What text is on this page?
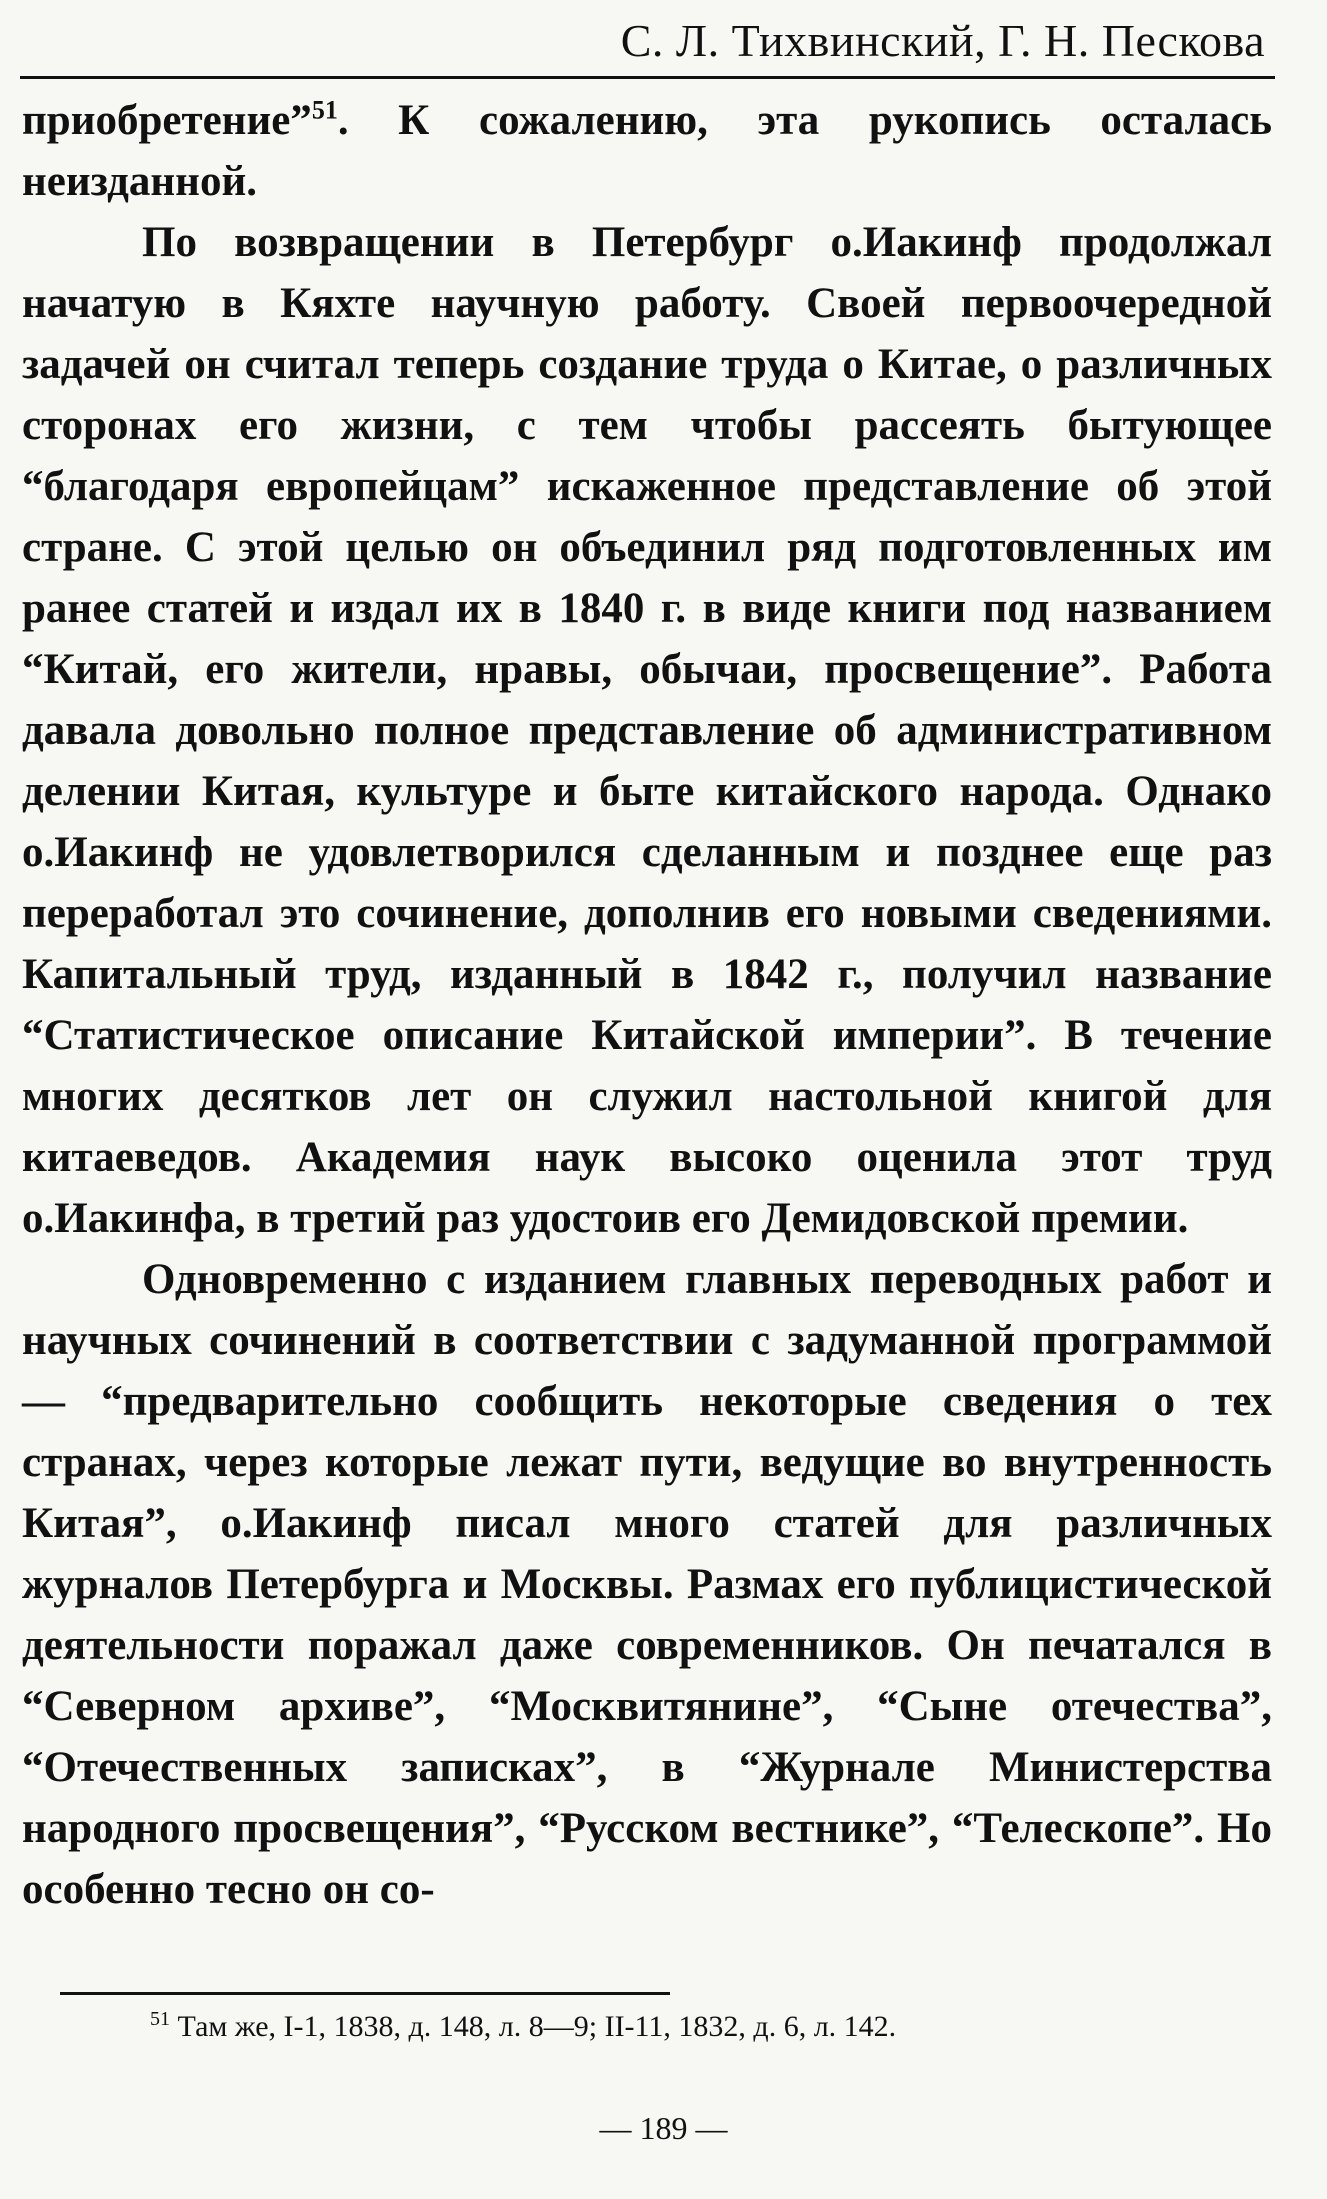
С. Л. Тихвинский, Г. Н. Пескова

приобретение”$^{51}$. К сожалению, эта рукопись осталась неизданной.

По возвращении в Петербург о.Иакинф продолжал начатую в Кяхте научную работу. Своей первоочередной задачей он считал теперь создание труда о Китае, о различных сторонах его жизни, с тем чтобы рассеять бытующее “благодаря европейцам” искаженное представление об этой стране. С этой целью он объединил ряд подготовленных им ранее статей и издал их в 1840 г. в виде книги под названием “Китай, его жители, нравы, обычаи, просвещение”. Работа давала довольно полное представление об административном делении Китая, культуре и быте китайского народа. Однако о.Иакинф не удовлетворился сделанным и позднее еще раз переработал это сочинение, дополнив его новыми сведениями. Капитальный труд, изданный в 1842 г., получил название “Статистическое описание Китайской империи”. В течение многих десятков лет он служил настольной книгой для китаеведов. Академия наук высоко оценила этот труд о.Иакинфа, в третий раз удостоив его Демидовской премии.

Одновременно с изданием главных переводных работ и научных сочинений в соответствии с задуманной программой — “предварительно сообщить некоторые сведения о тех странах, через которые лежат пути, ведущие во внутренность Китая”, о.Иакинф писал много статей для различных журналов Петербурга и Москвы. Размах его публицистической деятельности поражал даже современников. Он печатался в “Северном архиве”, “Москвитянине”, “Сыне отечества”, “Отечественных записках”, в “Журнале Министерства народного просвещения”, “Русском вестнике”, “Телескопе”. Но особенно тесно он со-

$^{51}$ Там же, I-1, 1838, д. 148, л. 8—9; II-11, 1832, д. 6, л. 142.
— 189 —
